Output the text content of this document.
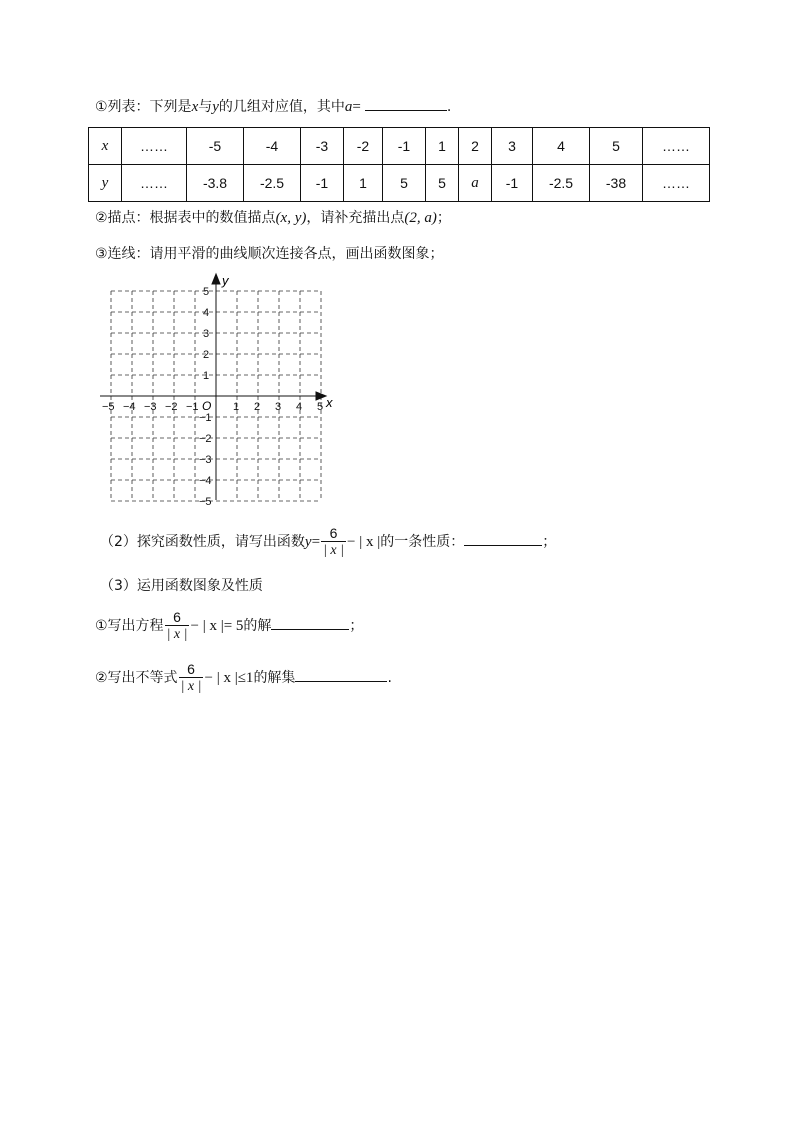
①列表：下列是x与y的几组对应值，其中a=	.
x	……	-5	-4	-3	-2	-1	1	2	3	4	5	……
y	……	-3.8	-2.5	-1	1	5	5	a	-1	-2.5	-38	……
②描点：根据表中的数值描点(x, y)，请补充描出点(2, a)；
③连线：请用平滑的曲线顺次连接各点，画出函数图象；
y
x
O
−5 −4 −3 −2 −1	1 2 3 4 5
5
4
3
2
1
−1
−2
−3
−4
−5
（2）探究函数性质，请写出函数$y= \frac{6}{| x |}$ − | x |的一条性质：	；
（3）运用函数图象及性质
①写出方程 $\frac{6}{| x |}$ − | x |= 5的解	；
②写出不等式 $\frac{6}{| x |}$ − | x |≤1的解集	.
